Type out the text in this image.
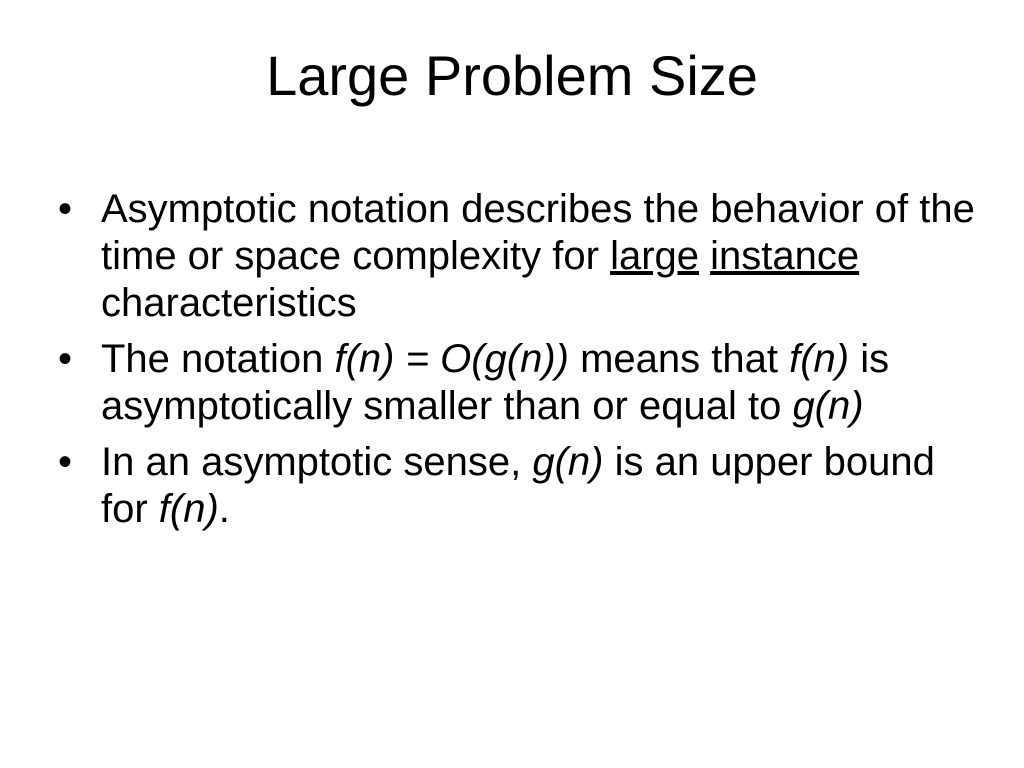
Large Problem Size
• Asymptotic notation describes the behavior of the time or space complexity for large instance characteristics
• The notation f(n) = O(g(n)) means that f(n) is asymptotically smaller than or equal to g(n)
• In an asymptotic sense, g(n) is an upper bound for f(n).
